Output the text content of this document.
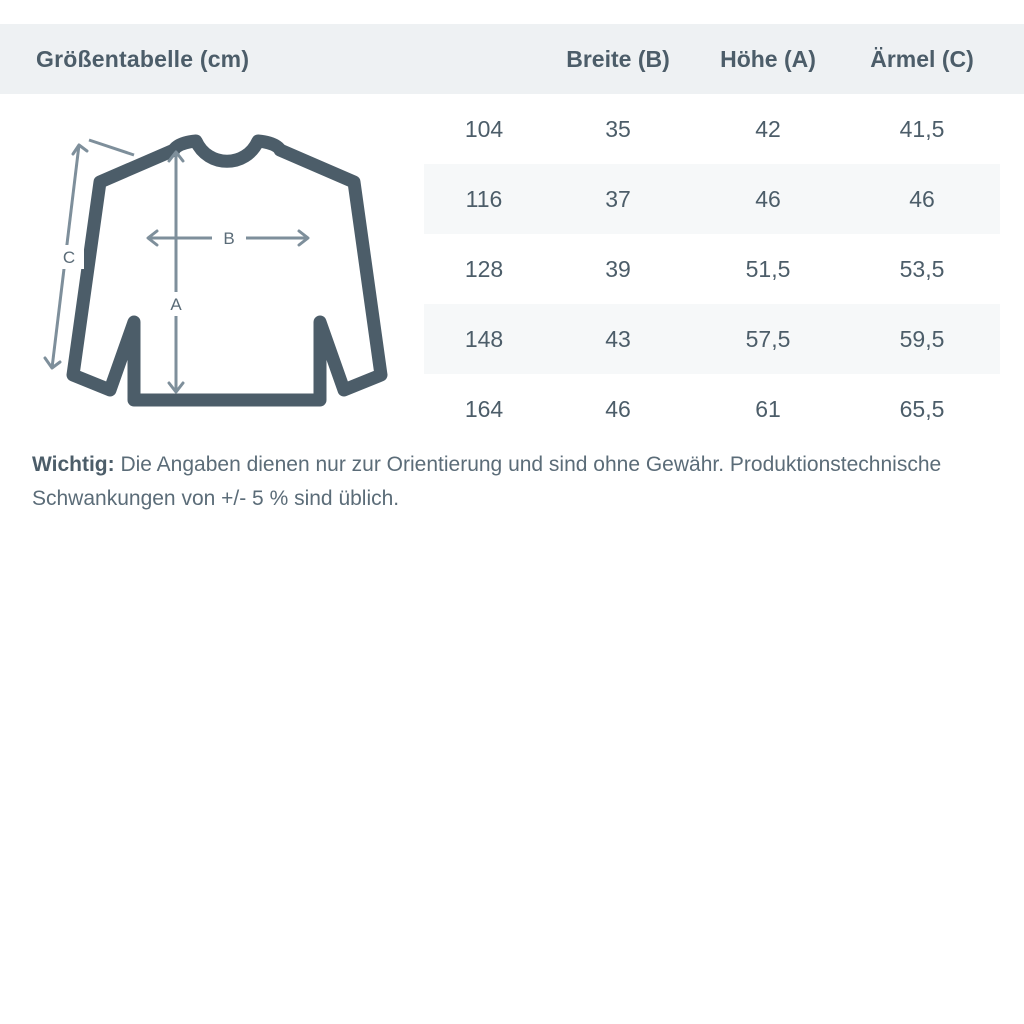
Größentabelle (cm)	Breite (B)	Höhe (A)	Ärmel (C)
104	35	42	41,5
116	37	46	46
128	39	51,5	53,5
148	43	57,5	59,5
164	46	61	65,5
B
A
C
Wichtig: Die Angaben dienen nur zur Orientierung und sind ohne Gewähr. Produktionstechnische Schwankungen von +/- 5 % sind üblich.
